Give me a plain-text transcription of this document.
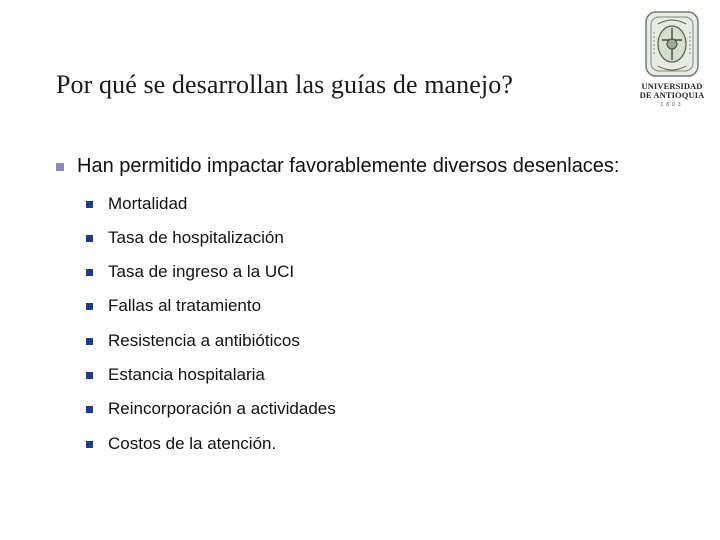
Por qué se desarrollan las guías de manejo?	UNIVERSIDAD
DE ANTIOQUIA
1803
Han permitido impactar favorablemente diversos desenlaces:
Mortalidad
Tasa de hospitalización
Tasa de ingreso a la UCI
Fallas al tratamiento
Resistencia a antibióticos
Estancia hospitalaria
Reincorporación a actividades
Costos de la atención.
